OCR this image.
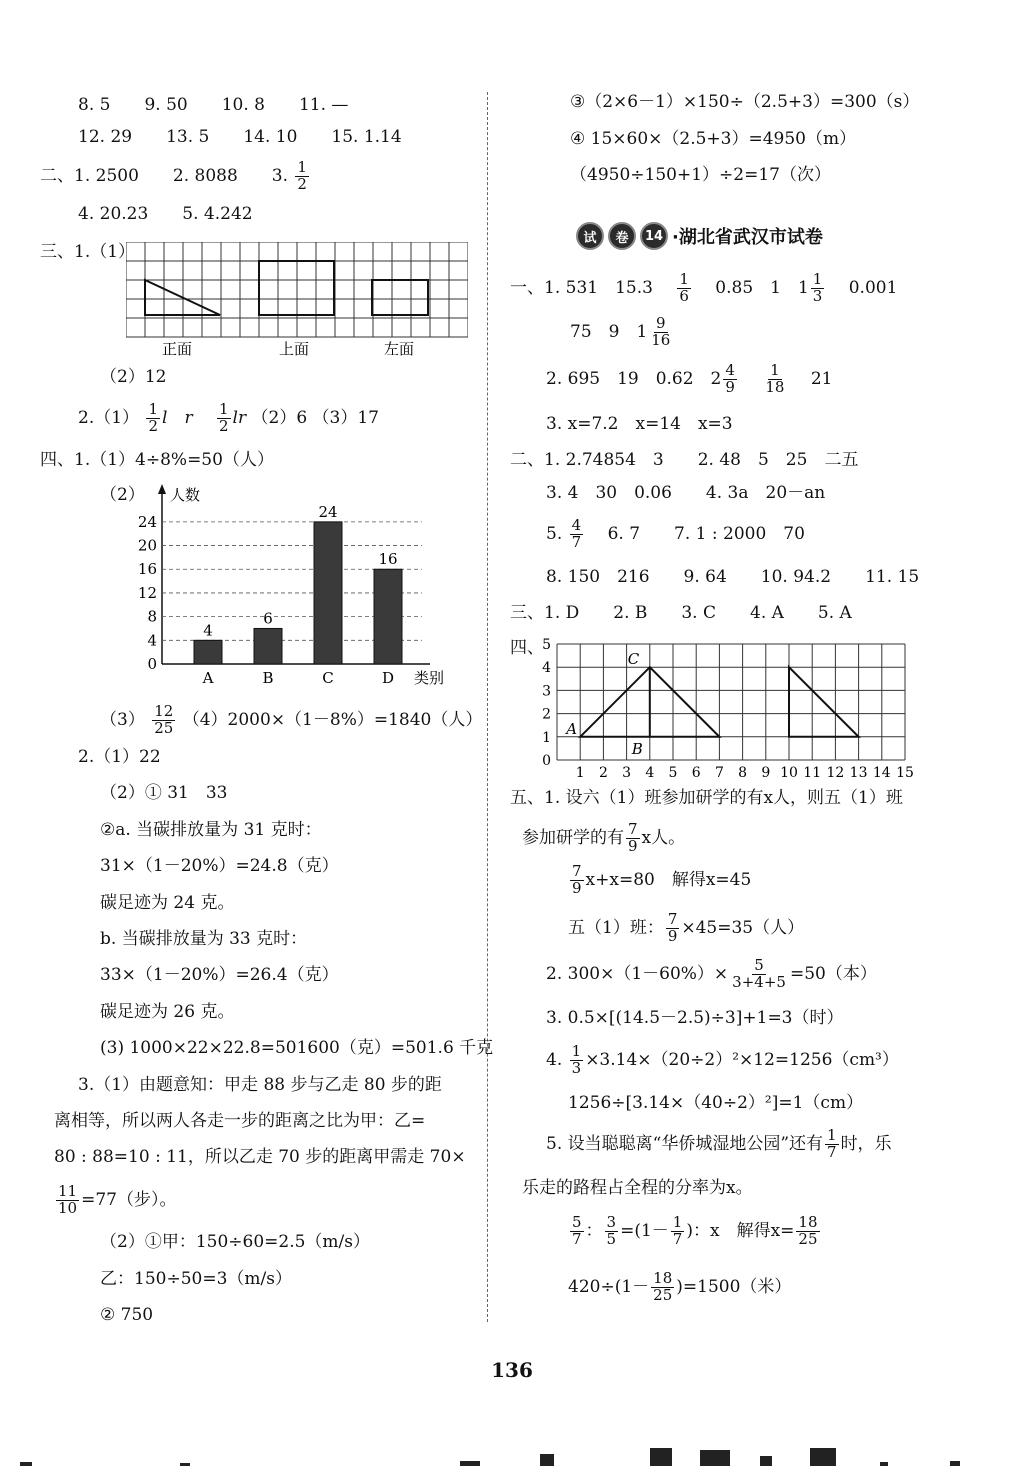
8. 5　　9. 50　　10. 8　　11. —
12. 29　　13. 5　　14. 10　　15. 1.14
二、1. 2500　　2. 8088　　3. $\frac{1}{2}$
4. 20.23　　5. 4.242
三、1.（1）
正面	上面	左面
（2）12
$2.(1) \frac{1}{2}$ l　 r　 $\frac{1}{2}$ lr （2）6 （3）17
四、1.（1）4÷8%=50（人）
（2） 人数
类别
0
4
8
12
16
20
24
4
A
6
B
24
C
16
D
$(3) \frac{12}{25} (4)2000\times(1-8\%)=1840$（人）
2.（1）22
（2）① 31　33
②a. 当碳排放量为 31 克时：
31×（1－20%）=24.8（克）
碳足迹为 24 克。
b. 当碳排放量为 33 克时：
33×（1－20%）=26.4（克）
碳足迹为 26 克。
(3) 1000×22×22.8=501600（克）=501.6 千克
3.（1）由题意知：甲走 88 步与乙走 80 步的距
离相等，所以两人各走一步的距离之比为甲：乙=
80 : 88=10 : 11，所以乙走 70 步的距离甲需走 70×
$\frac{11}{10} =77$（步）。
（2）①甲：150÷60=2.5（m/s）
乙：150÷50=3（m/s）
② 750
③（2×6－1）×150÷（2.5+3）=300（s）
④ 15×60×（2.5+3）=4950（m）
（4950÷150+1）÷2=17（次）
试	卷	14 ·湖北省武汉市试卷
一、1. 531　15.3　 $\frac{1}{6}$
　 0.85　1　$1 \frac{1}{3}$
　 0.001
75　9　$1 \frac{9}{16}$
2. 695　19　0.62　$2 \frac{4}{9}$
　 $\frac{1}{18}$
　 21
3. x=7.2　x=14　x=3
二、1. 2.74854　3　　2. 48　5　25　二五
3. 4　30　0.06　　4. 3a　20－an
5. $\frac{4}{7}$
　 6. 7　　7. 1 : 2000　70
8. 150　216　　9. 64　　10. 94.2　　11. 15
三、1. D　　2. B　　3. C　　4. A　　5. A
四、
1 2 3 4 5 6 7 8 9 10 11 12 13 14 15
0
1
2
3
4
5
A
B
C
五、1. 设六（1）班参加研学的有x人，则五（1）班
参加研学的有 $\frac{7}{9}$ x人。
$\frac{7}{9} x+x=80$　解得x=45
五（1）班： $\frac{7}{9} \times 45=35$（人）
2. $300\times(1-60\%)\times \frac{5}{3+4+5} =50$（本）
3. 0.5×[(14.5－2.5)÷3]+1=3（时）
4. $\frac{1}{3} \times 3.14\times(20\div 2)^2\times 12=1256(cm^3)$
1256÷[3.14×（40÷2）²]=1（cm）
5. 设当聪聪离“华侨城湿地公园”还有 $\frac{1}{7}$ 时，乐
乐走的路程占全程的分率为x。
$\frac{5}{7}$ ： $\frac{3}{5} =(1- \frac{1}{7}$ )：x　解得$x= \frac{18}{25}$
$420\div(1- \frac{18}{25} )=1500$（米）
136
